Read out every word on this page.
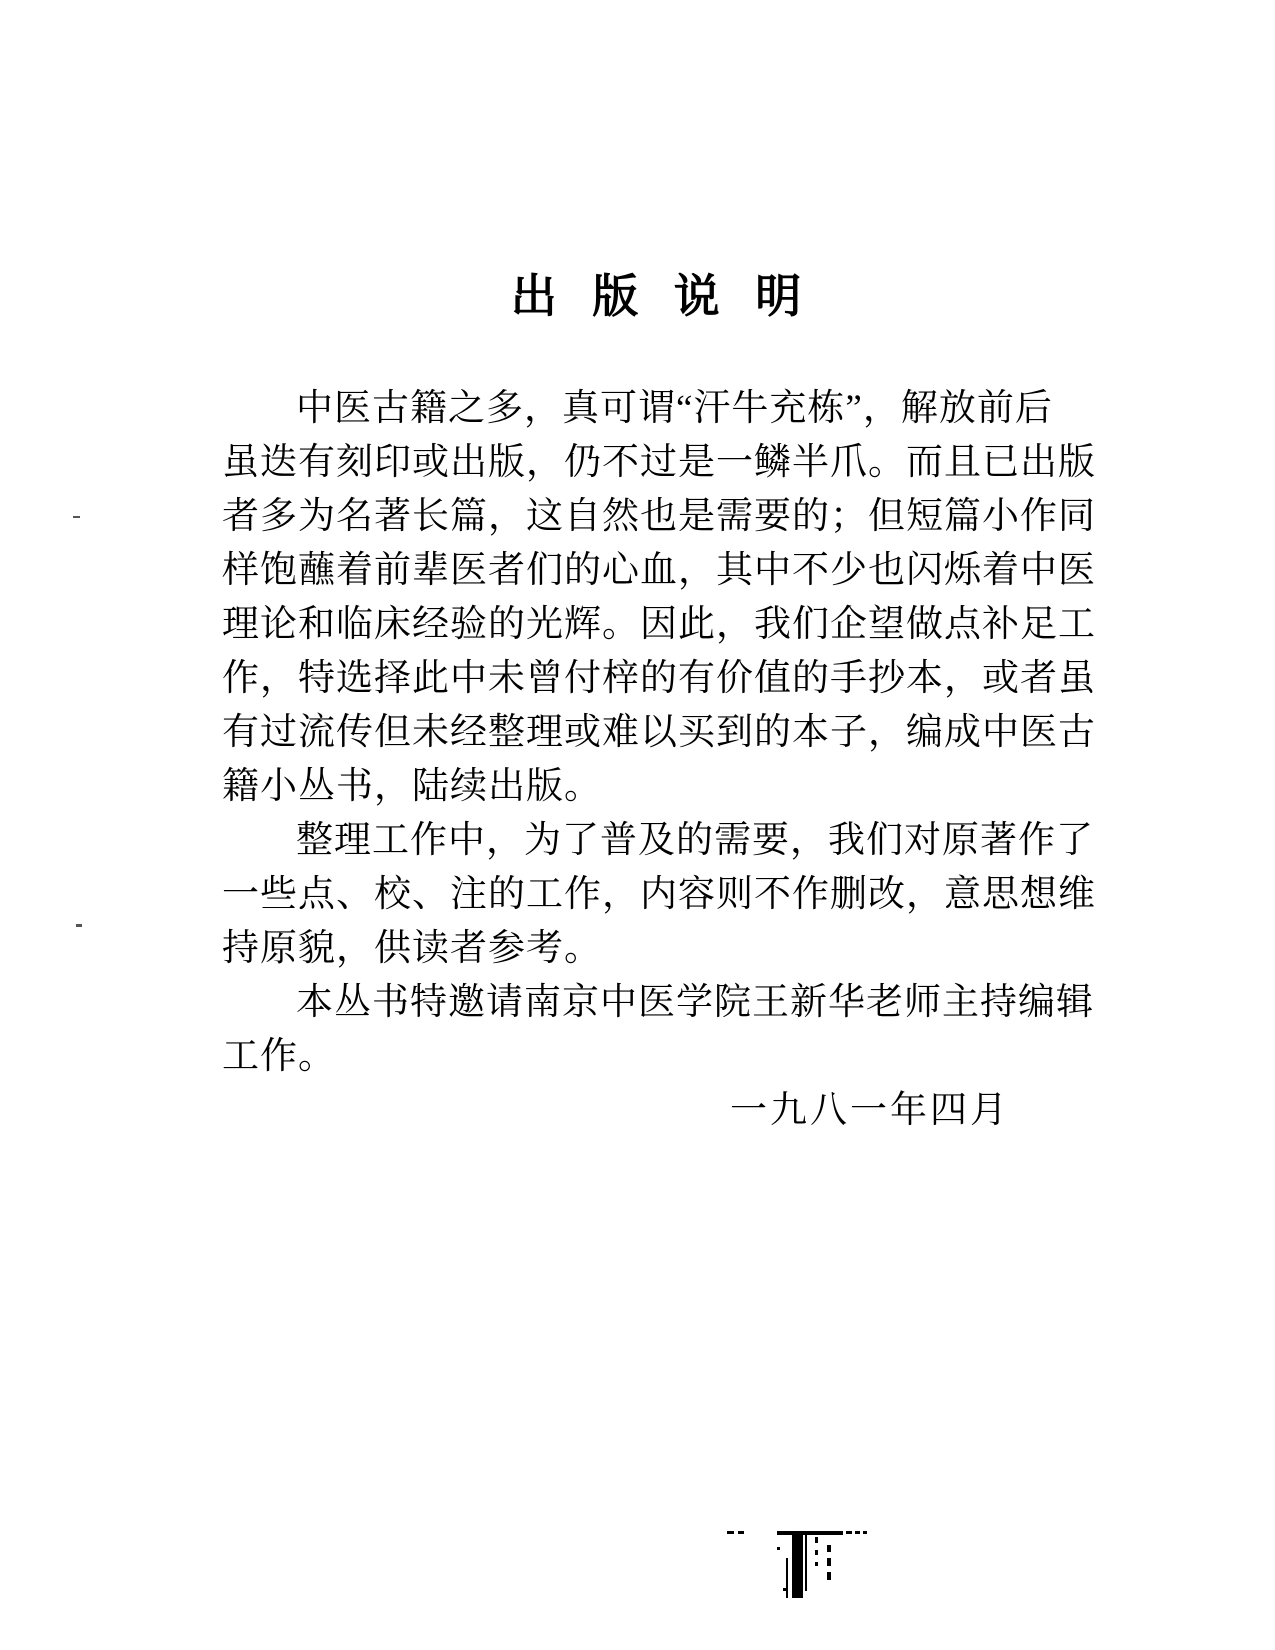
出 版 说 明
中医古籍之多，真可谓“汗牛充栋”，解放前后
虽迭有刻印或出版，仍不过是一鳞半爪。而且已出版
者多为名著长篇，这自然也是需要的；但短篇小作同
样饱蘸着前辈医者们的心血，其中不少也闪烁着中医
理论和临床经验的光辉。因此，我们企望做点补足工
作，特选择此中未曾付梓的有价值的手抄本，或者虽
有过流传但未经整理或难以买到的本子，编成中医古
籍小丛书，陆续出版。
整理工作中，为了普及的需要，我们对原著作了
一些点、校、注的工作，内容则不作删改，意思想维
持原貌，供读者参考。
本丛书特邀请南京中医学院王新华老师主持编辑
工作。
一九八一年四月
